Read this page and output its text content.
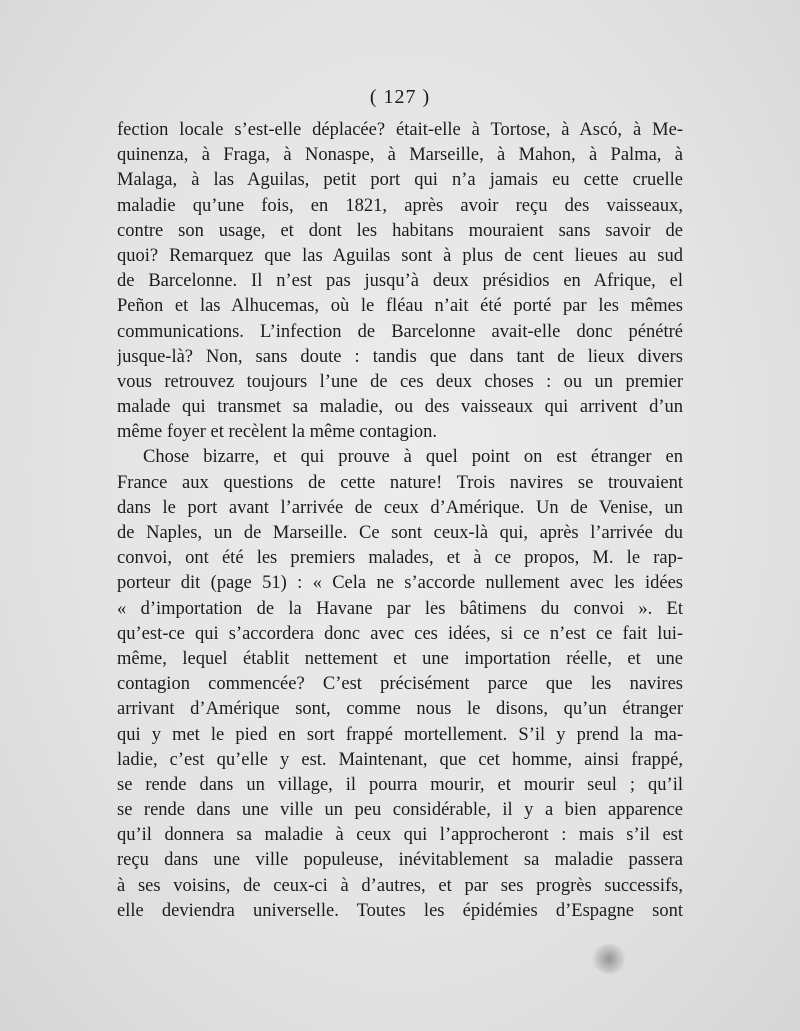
( 127 )
fection locale s’est-elle déplacée? était-elle à Tortose, à Ascó, à Me-
quinenza, à Fraga, à Nonaspe, à Marseille, à Mahon, à Palma, à
Malaga, à las Aguilas, petit port qui n’a jamais eu cette cruelle
maladie qu’une fois, en 1821, après avoir reçu des vaisseaux,
contre son usage, et dont les habitans mouraient sans savoir de
quoi? Remarquez que las Aguilas sont à plus de cent lieues au sud
de Barcelonne. Il n’est pas jusqu’à deux présidios en Afrique, el
Peñon et las Alhucemas, où le fléau n’ait été porté par les mêmes
communications. L’infection de Barcelonne avait-elle donc pénétré
jusque-là? Non, sans doute : tandis que dans tant de lieux divers
vous retrouvez toujours l’une de ces deux choses : ou un premier
malade qui transmet sa maladie, ou des vaisseaux qui arrivent d’un
même foyer et recèlent la même contagion.
Chose bizarre, et qui prouve à quel point on est étranger en
France aux questions de cette nature! Trois navires se trouvaient
dans le port avant l’arrivée de ceux d’Amérique. Un de Venise, un
de Naples, un de Marseille. Ce sont ceux-là qui, après l’arrivée du
convoi, ont été les premiers malades, et à ce propos, M. le rap-
porteur dit (page 51) : « Cela ne s’accorde nullement avec les idées
« d’importation de la Havane par les bâtimens du convoi ». Et
qu’est-ce qui s’accordera donc avec ces idées, si ce n’est ce fait lui-
même, lequel établit nettement et une importation réelle, et une
contagion commencée? C’est précisément parce que les navires
arrivant d’Amérique sont, comme nous le disons, qu’un étranger
qui y met le pied en sort frappé mortellement. S’il y prend la ma-
ladie, c’est qu’elle y est. Maintenant, que cet homme, ainsi frappé,
se rende dans un village, il pourra mourir, et mourir seul ; qu’il
se rende dans une ville un peu considérable, il y a bien apparence
qu’il donnera sa maladie à ceux qui l’approcheront : mais s’il est
reçu dans une ville populeuse, inévitablement sa maladie passera
à ses voisins, de ceux-ci à d’autres, et par ses progrès successifs,
elle deviendra universelle. Toutes les épidémies d’Espagne sont
